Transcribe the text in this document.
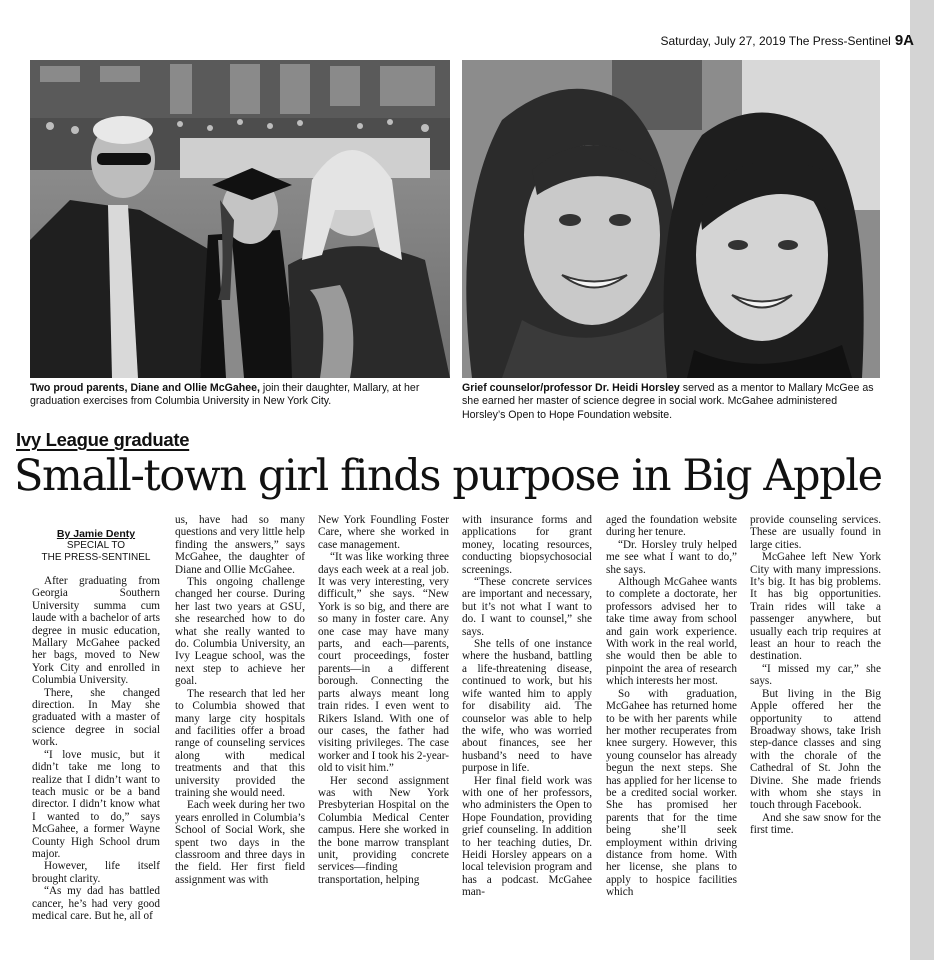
Saturday, July 27, 2019 The Press-Sentinel 9A
Two proud parents, Diane and Ollie McGahee, join their daughter, Mallary, at her graduation exercises from Columbia University in New York City.
Grief counselor/professor Dr. Heidi Horsley served as a mentor to Mallary McGee as she earned her master of science degree in social work. McGahee administered Horsley’s Open to Hope Foundation website.
Ivy League graduate
Small-town girl finds purpose in Big Apple
By Jamie Denty
SPECIAL TO
THE PRESS-SENTINEL

After graduating from Georgia Southern University summa cum laude with a bachelor of arts degree in music education, Mallary McGahee packed her bags, moved to New York City and enrolled in Columbia University.

There, she changed direction. In May she graduated with a master of science degree in social work.

“I love music, but it didn’t take me long to realize that I didn’t want to teach music or be a band director. I didn’t know what I wanted to do,” says McGahee, a former Wayne County High School drum major.

However, life itself brought clarity.

“As my dad has battled cancer, he’s had very good medical care. But he, all of

us, have had so many questions and very little help finding the answers,” says McGahee, the daughter of Diane and Ollie McGahee.

This ongoing challenge changed her course. During her last two years at GSU, she researched how to do what she really wanted to do. Columbia University, an Ivy League school, was the next step to achieve her goal.

The research that led her to Columbia showed that many large city hospitals and facilities offer a broad range of counseling services along with medical treatments and that this university provided the training she would need.

Each week during her two years enrolled in Columbia’s School of Social Work, she spent two days in the classroom and three days in the field. Her first field assignment was with

New York Foundling Foster Care, where she worked in case management.

“It was like working three days each week at a real job. It was very interesting, very difficult,” she says. “New York is so big, and there are so many in foster care. Any one case may have many parts, and each—parents, court proceedings, foster parents—in a different borough. Connecting the parts always meant long train rides. I even went to Rikers Island. With one of our cases, the father had visiting privileges. The case worker and I took his 2-year-old to visit him.”

Her second assignment was with New York Presbyterian Hospital on the Columbia Medical Center campus. Here she worked in the bone marrow transplant unit, providing concrete services—finding transportation, helping

with insurance forms and applications for grant money, locating resources, conducting biopsychosocial screenings.

“These concrete services are important and necessary, but it’s not what I want to do. I want to counsel,” she says.

She tells of one instance where the husband, battling a life-threatening disease, continued to work, but his wife wanted him to apply for disability aid. The counselor was able to help the wife, who was worried about finances, see her husband’s need to have purpose in life.

Her final field work was with one of her professors, who administers the Open to Hope Foundation, providing grief counseling. In addition to her teaching duties, Dr. Heidi Horsley appears on a local television program and has a podcast. McGahee man-

aged the foundation website during her tenure.

“Dr. Horsley truly helped me see what I want to do,” she says.

Although McGahee wants to complete a doctorate, her professors advised her to take time away from school and gain work experience. With work in the real world, she would then be able to pinpoint the area of research which interests her most.

So with graduation, McGahee has returned home to be with her parents while her mother recuperates from knee surgery. However, this young counselor has already begun the next steps. She has applied for her license to be a credited social worker. She has promised her parents that for the time being she’ll seek employment within driving distance from home. With her license, she plans to apply to hospice facilities which

provide counseling services. These are usually found in large cities.

McGahee left New York City with many impressions. It’s big. It has big problems. It has big opportunities. Train rides will take a passenger anywhere, but usually each trip requires at least an hour to reach the destination.

“I missed my car,” she says.

But living in the Big Apple offered her the opportunity to attend Broadway shows, take Irish step-dance classes and sing with the chorale of the Cathedral of St. John the Divine. She made friends with whom she stays in touch through Facebook.

And she saw snow for the first time.
